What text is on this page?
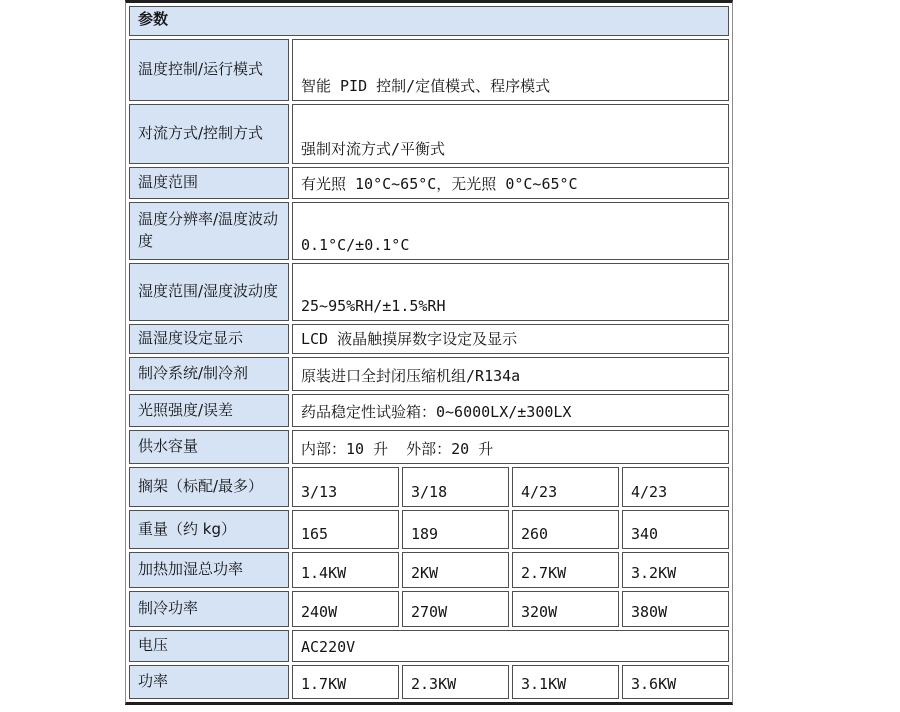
参数				
温度控制/运行模式	智能 PID 控制/定值模式、程序模式			
对流方式/控制方式	强制对流方式/平衡式			
温度范围	有光照 10°C~65°C，无光照 0°C~65°C			
温度分辨率/温度波动度	0.1°C/±0.1°C			
湿度范围/湿度波动度	25~95%RH/±1.5%RH			
温湿度设定显示	LCD 液晶触摸屏数字设定及显示			
制冷系统/制冷剂	原装进口全封闭压缩机组/R134a			
光照强度/误差	药品稳定性试验箱：0~6000LX/±300LX			
供水容量	内部：10 升  外部：20 升			
搁架（标配/最多）	3/13	3/18	4/23	4/23
重量（约 kg）	165	189	260	340
加热加湿总功率	1.4KW	2KW	2.7KW	3.2KW
制冷功率	240W	270W	320W	380W
电压	AC220V			
功率	1.7KW	2.3KW	3.1KW	3.6KW
